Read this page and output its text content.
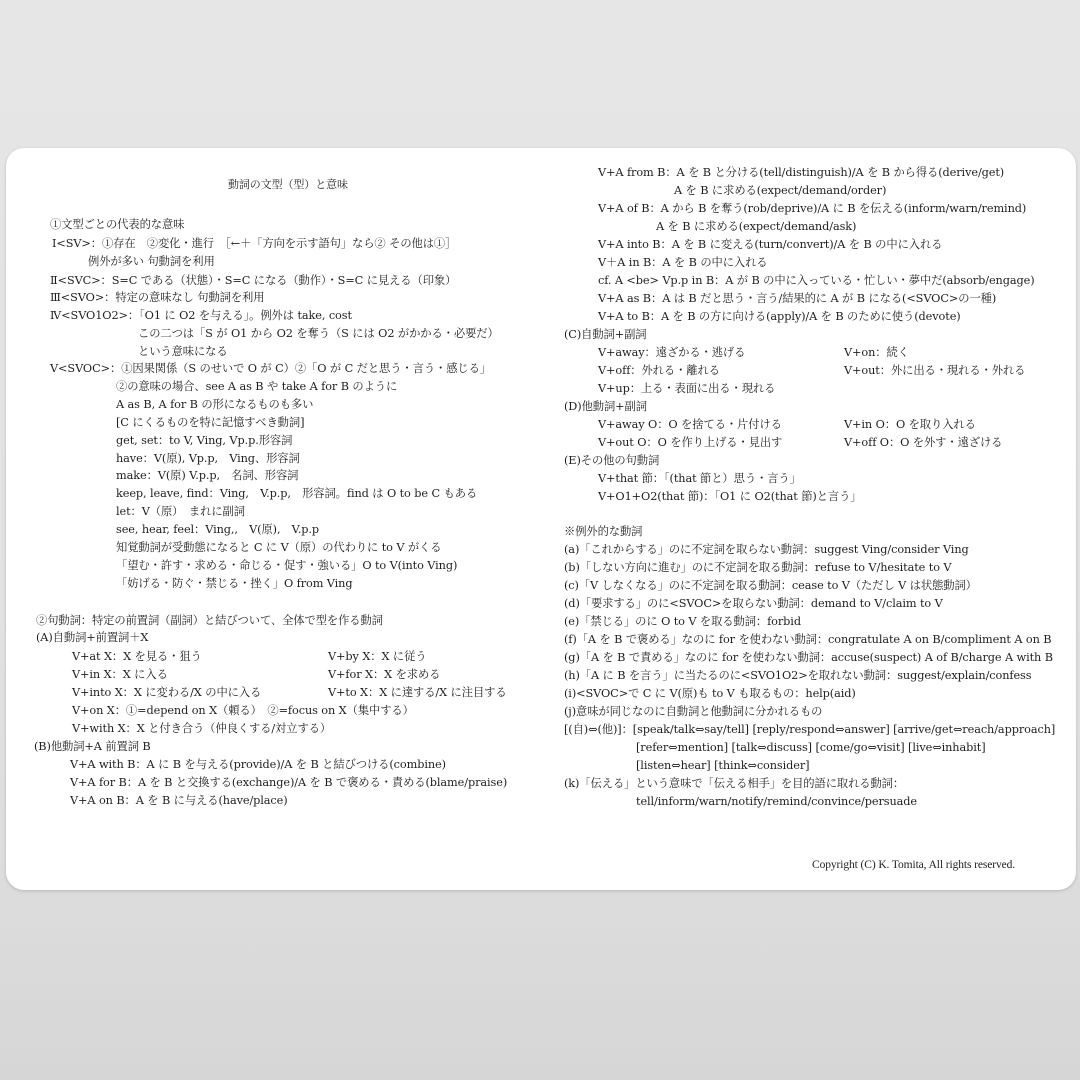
動詞の文型（型）と意味
①文型ごとの代表的な意味
Ⅰ<SV>：①存在　②変化・進行　［←＋「方向を示す語句」なら② その他は①］
例外が多い 句動詞を利用
Ⅱ<SVC>：S=C である（状態）・S=C になる（動作）・S=C に見える（印象）
Ⅲ<SVO>：特定の意味なし 句動詞を利用
Ⅳ<SVO1O2>：「O1 に O2 を与える」。例外は take, cost
この二つは「S が O1 から O2 を奪う（S には O2 がかかる・必要だ）
という意味になる
Ⅴ<SVOC>：①因果関係（S のせいで O が C）②「O が C だと思う・言う・感じる」
②の意味の場合、see A as B や take A for B のように
A as B, A for B の形になるものも多い
[C にくるものを特に記憶すべき動詞]
get, set：to V, Ving, Vp.p.形容詞
have：V(原), Vp.p,　Ving、形容詞
make：V(原) V.p.p,　名詞、形容詞
keep, leave, find：Ving,　V.p.p,　形容詞。find は O to be C もある
let：V（原）　まれに副詞
see, hear, feel：Ving,,　V(原),　V.p.p
知覚動詞が受動態になると C に V（原）の代わりに to V がくる
「望む・許す・求める・命じる・促す・強いる」O to V(into Ving)
「妨げる・防ぐ・禁じる・挫く」O from Ving
②句動詞：特定の前置詞（副詞）と結びついて、全体で型を作る動詞
(A)自動詞+前置詞＋X
V+at X：X を見る・狙う	V+by X：X に従う
V+in X：X に入る	V+for X：X を求める
V+into X：X に変わる/X の中に入る	V+to X：X に達する/X に注目する
V+on X：①=depend on X（頼る）　②=focus on X（集中する）
V+with X：X と付き合う（仲良くする/対立する）
(B)他動詞+A 前置詞 B
V+A with B：A に B を与える(provide)/A を B と結びつける(combine)
V+A for B：A を B と交換する(exchange)/A を B で褒める・責める(blame/praise)
V+A on B：A を B に与える(have/place)
V+A from B：A を B と分ける(tell/distinguish)/A を B から得る(derive/get)
A を B に求める(expect/demand/order)
V+A of B：A から B を奪う(rob/deprive)/A に B を伝える(inform/warn/remind)
A を B に求める(expect/demand/ask)
V+A into B：A を B に変える(turn/convert)/A を B の中に入れる
V＋A in B：A を B の中に入れる
cf. A <be> Vp.p in B：A が B の中に入っている・忙しい・夢中だ(absorb/engage)
V+A as B：A は B だと思う・言う/結果的に A が B になる(<SVOC>の一種)
V+A to B：A を B の方に向ける(apply)/A を B のために使う(devote)
(C)自動詞+副詞
V+away：遠ざかる・逃げる	V+on：続く
V+off：外れる・離れる	V+out：外に出る・現れる・外れる
V+up：上る・表面に出る・現れる
(D)他動詞+副詞
V+away O：O を捨てる・片付ける	V+in O：O を取り入れる
V+out O：O を作り上げる・見出す	V+off O：O を外す・遠ざける
(E)その他の句動詞
V+that 節：「(that 節と）思う・言う」
V+O1+O2(that 節)：「O1 に O2(that 節)と言う」
※例外的な動詞
(a)「これからする」のに不定詞を取らない動詞：suggest Ving/consider Ving
(b)「しない方向に進む」のに不定詞を取る動詞：refuse to V/hesitate to V
(c)「V しなくなる」のに不定詞を取る動詞：cease to V（ただし V は状態動詞）
(d)「要求する」のに<SVOC>を取らない動詞：demand to V/claim to V
(e)「禁じる」のに O to V を取る動詞：forbid
(f)「A を B で褒める」なのに for を使わない動詞：congratulate A on B/compliment A on B
(g)「A を B で責める」なのに for を使わない動詞：accuse(suspect) A of B/charge A with B
(h)「A に B を言う」に当たるのに<SVO1O2>を取れない動詞：suggest/explain/confess
(i)<SVOC>で C に V(原)も to V も取るもの：help(aid)
(j)意味が同じなのに自動詞と他動詞に分かれるもの
[(自)⇔(他)]：[speak/talk⇔say/tell] [reply/respond⇔answer] [arrive/get⇔reach/approach]
[refer⇔mention] [talk⇔discuss] [come/go⇔visit] [live⇔inhabit]
[listen⇔hear] [think⇔consider]
(k)「伝える」という意味で「伝える相手」を目的語に取れる動詞：
tell/inform/warn/notify/remind/convince/persuade
Copyright (C) K. Tomita, All rights reserved.
